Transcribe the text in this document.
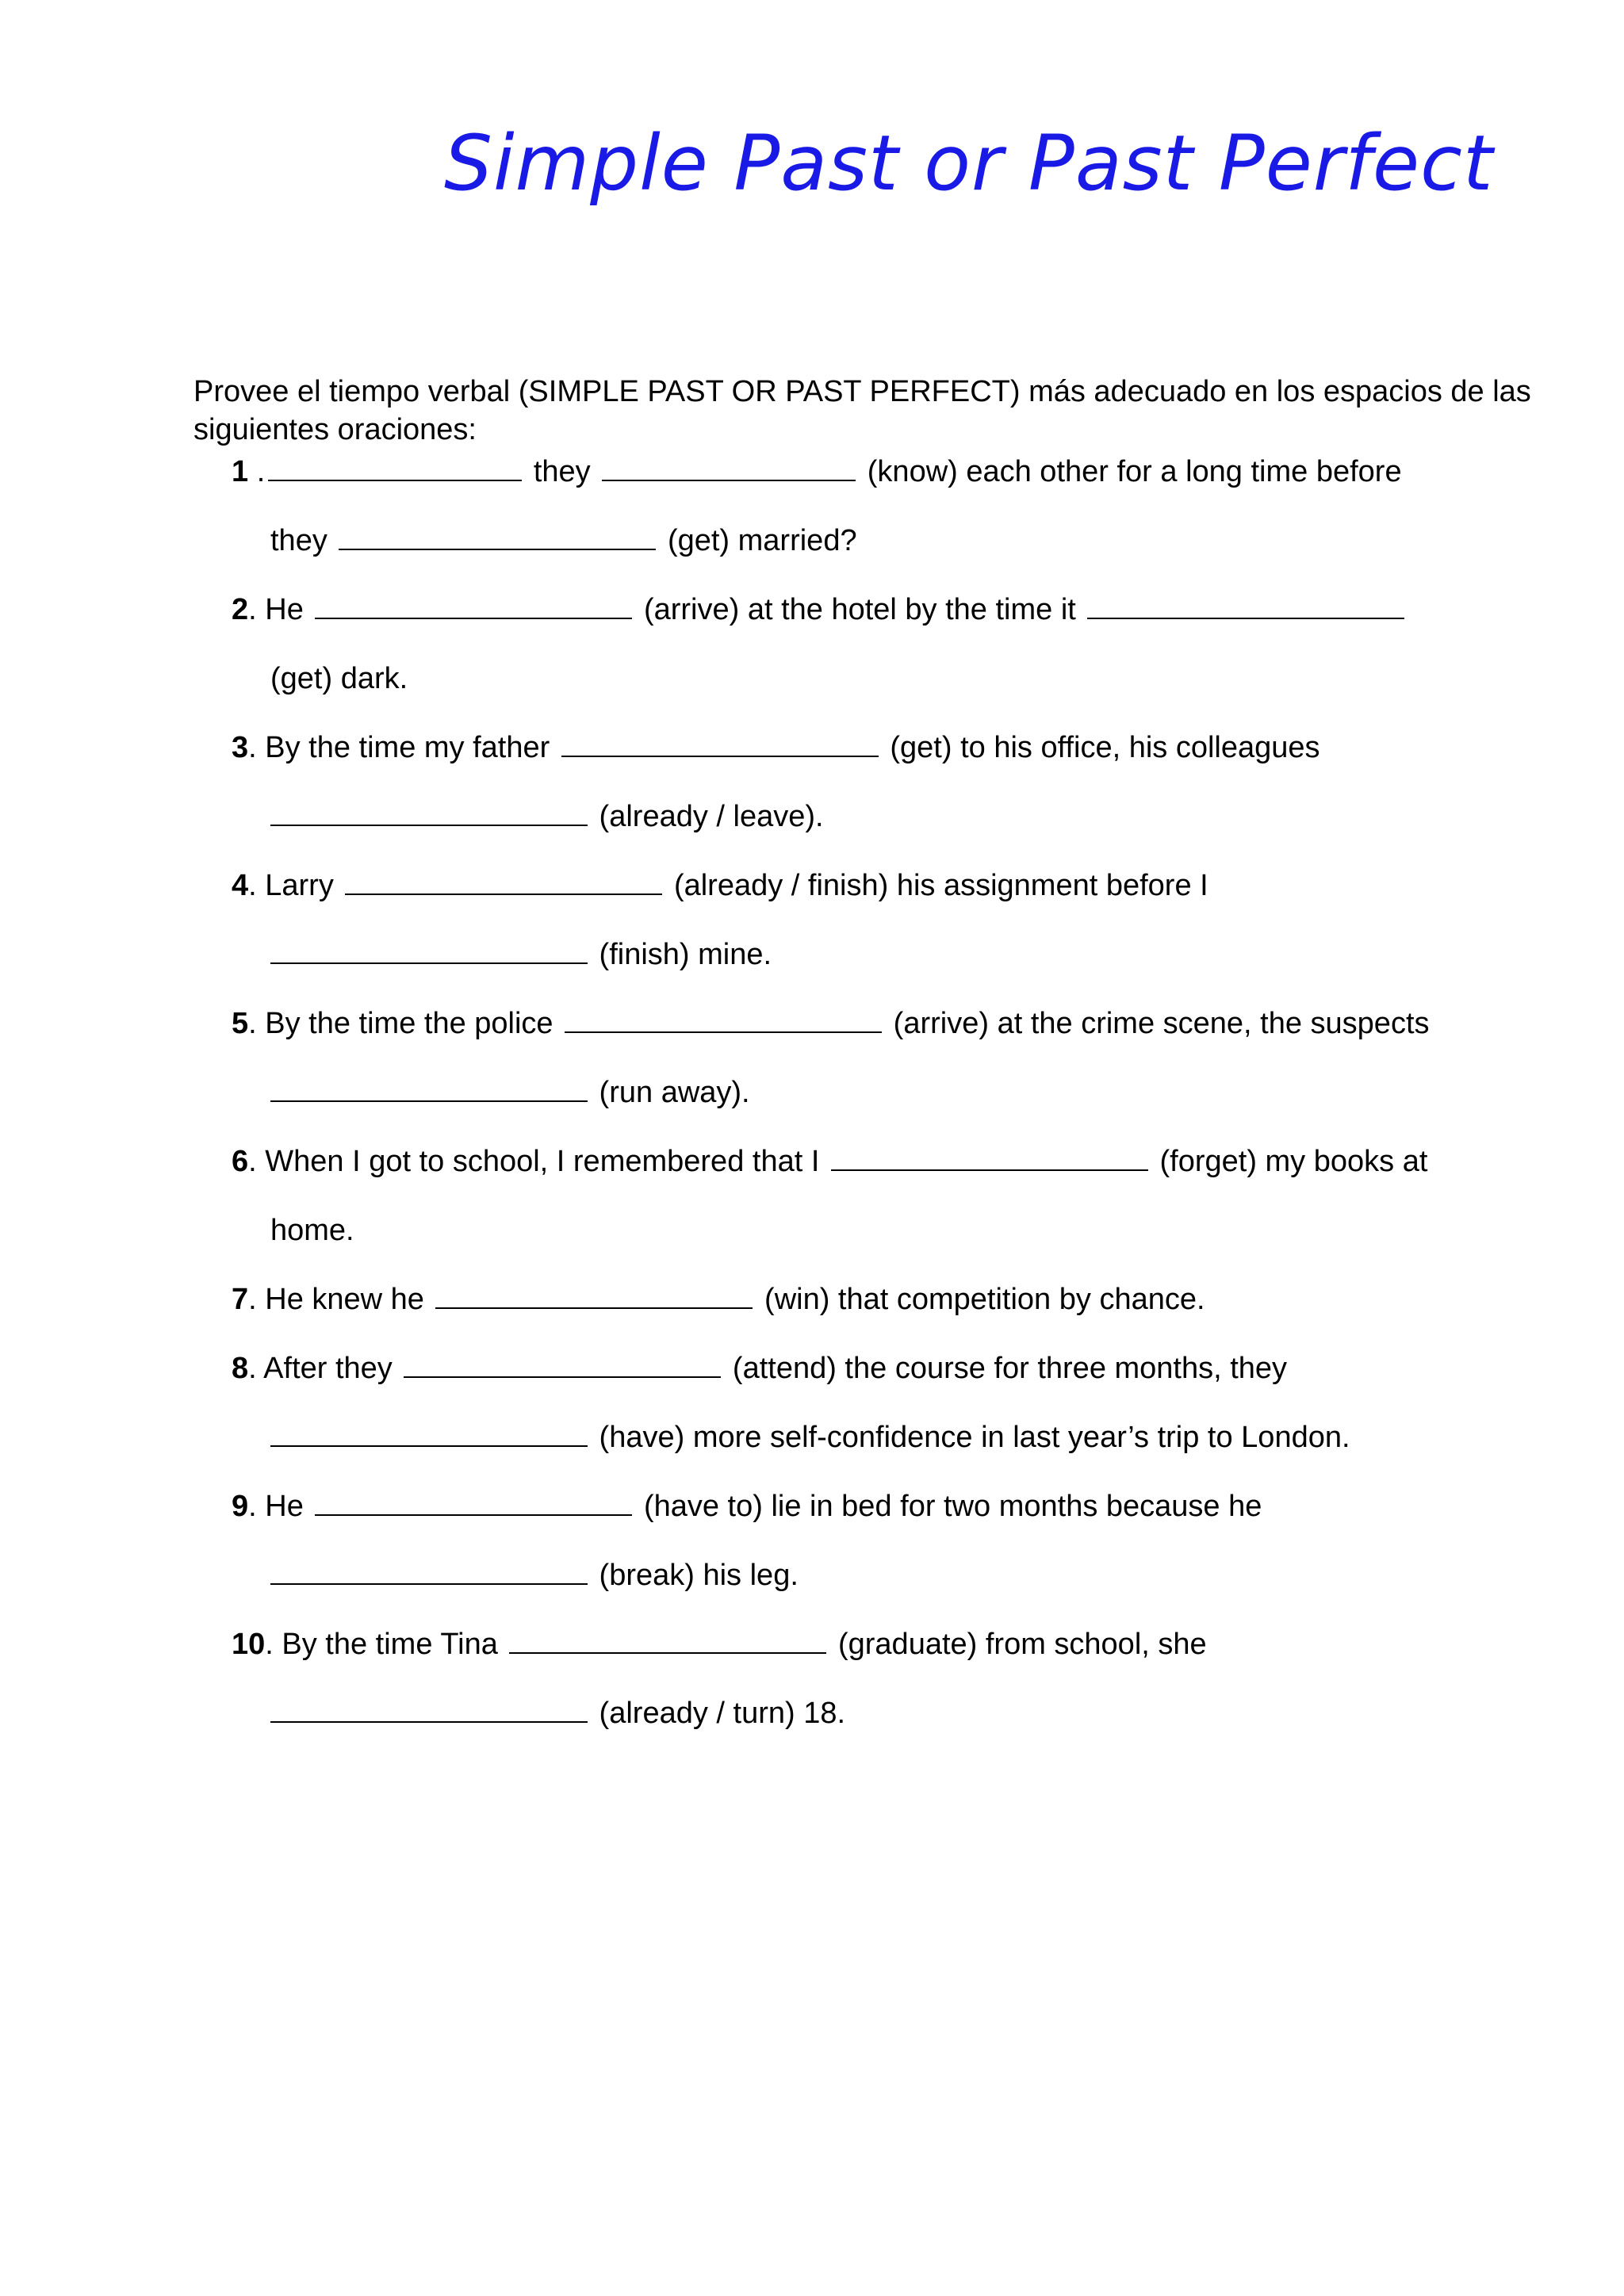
Simple Past or Past Perfect
Provee el tiempo verbal (SIMPLE PAST OR PAST PERFECT) más adecuado en los espacios de las siguientes oraciones:
1 .	they	(know) each other for a long time before
they	(get) married?
2. He	(arrive) at the hotel by the time it
(get) dark.
3. By the time my father	(get) to his office, his colleagues
(already / leave).
4. Larry	(already / finish) his assignment before I
(finish) mine.
5. By the time the police	(arrive) at the crime scene, the suspects
(run away).
6. When I got to school, I remembered that I	(forget) my books at
home.
7. He knew he	(win) that competition by chance.
8. After they	(attend) the course for three months, they
(have) more self-confidence in last year’s trip to London.
9. He	(have to) lie in bed for two months because he
(break) his leg.
10. By the time Tina	(graduate) from school, she
(already / turn) 18.
